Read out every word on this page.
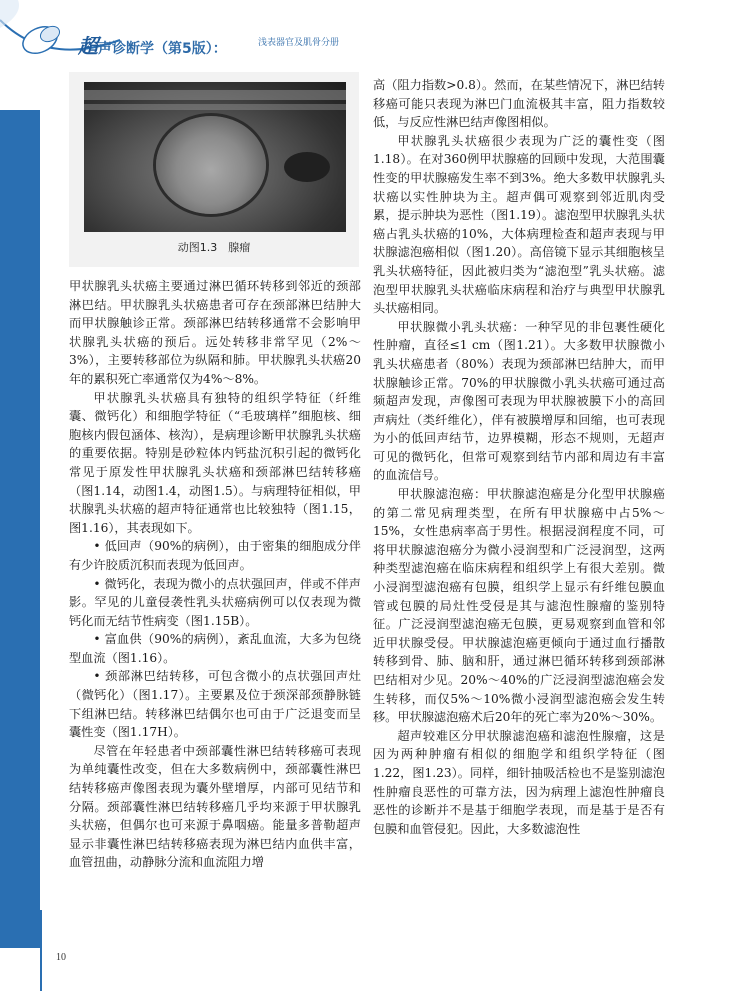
超声诊断学（第5版）：	浅表器官及肌骨分册
10
动图1.3　腺瘤

甲状腺乳头状癌主要通过淋巴循环转移到邻近的颈部淋巴结。甲状腺乳头状癌患者可存在颈部淋巴结肿大而甲状腺触诊正常。颈部淋巴结转移通常不会影响甲状腺乳头状癌的预后。远处转移非常罕见（2%～3%），主要转移部位为纵隔和肺。甲状腺乳头状癌20年的累积死亡率通常仅为4%～8%。

甲状腺乳头状癌具有独特的组织学特征（纤维囊、微钙化）和细胞学特征（“毛玻璃样”细胞核、细胞核内假包涵体、核沟），是病理诊断甲状腺乳头状癌的重要依据。特别是砂粒体内钙盐沉积引起的微钙化常见于原发性甲状腺乳头状癌和颈部淋巴结转移癌（图1.14，动图1.4，动图1.5）。与病理特征相似，甲状腺乳头状癌的超声特征通常也比较独特（图1.15，图1.16），其表现如下。

• 低回声（90%的病例），由于密集的细胞成分伴有少许胶质沉积而表现为低回声。

• 微钙化，表现为微小的点状强回声，伴或不伴声影。罕见的儿童侵袭性乳头状癌病例可以仅表现为微钙化而无结节性病变（图1.15B）。

• 富血供（90%的病例），紊乱血流，大多为包绕型血流（图1.16）。

• 颈部淋巴结转移，可包含微小的点状强回声灶（微钙化）（图1.17）。主要累及位于颈深部颈静脉链下组淋巴结。转移淋巴结偶尔也可由于广泛退变而呈囊性变（图1.17H）。

尽管在年轻患者中颈部囊性淋巴结转移癌可表现为单纯囊性改变，但在大多数病例中，颈部囊性淋巴结转移癌声像图表现为囊外壁增厚，内部可见结节和分隔。颈部囊性淋巴结转移癌几乎均来源于甲状腺乳头状癌，但偶尔也可来源于鼻咽癌。能量多普勒超声显示非囊性淋巴结转移癌表现为淋巴结内血供丰富，血管扭曲，动静脉分流和血流阻力增

高（阻力指数>0.8）。然而，在某些情况下，淋巴结转移癌可能只表现为淋巴门血流极其丰富，阻力指数较低，与反应性淋巴结声像图相似。

甲状腺乳头状癌很少表现为广泛的囊性变（图1.18）。在对360例甲状腺癌的回顾中发现，大范围囊性变的甲状腺癌发生率不到3%。绝大多数甲状腺乳头状癌以实性肿块为主。超声偶可观察到邻近肌肉受累，提示肿块为恶性（图1.19）。滤泡型甲状腺乳头状癌占乳头状癌的10%，大体病理检查和超声表现与甲状腺滤泡癌相似（图1.20）。高倍镜下显示其细胞核呈乳头状癌特征，因此被归类为“滤泡型”乳头状癌。滤泡型甲状腺乳头状癌临床病程和治疗与典型甲状腺乳头状癌相同。

甲状腺微小乳头状癌：一种罕见的非包裹性硬化性肿瘤，直径≤1 cm（图1.21）。大多数甲状腺微小乳头状癌患者（80%）表现为颈部淋巴结肿大，而甲状腺触诊正常。70%的甲状腺微小乳头状癌可通过高频超声发现，声像图可表现为甲状腺被膜下小的高回声病灶（类纤维化），伴有被膜增厚和回缩，也可表现为小的低回声结节，边界模糊，形态不规则，无超声可见的微钙化，但常可观察到结节内部和周边有丰富的血流信号。

甲状腺滤泡癌：甲状腺滤泡癌是分化型甲状腺癌的第二常见病理类型，在所有甲状腺癌中占5%～15%，女性患病率高于男性。根据浸润程度不同，可将甲状腺滤泡癌分为微小浸润型和广泛浸润型，这两种类型滤泡癌在临床病程和组织学上有很大差别。微小浸润型滤泡癌有包膜，组织学上显示有纤维包膜血管或包膜的局灶性受侵是其与滤泡性腺瘤的鉴别特征。广泛浸润型滤泡癌无包膜，更易观察到血管和邻近甲状腺受侵。甲状腺滤泡癌更倾向于通过血行播散转移到骨、肺、脑和肝，通过淋巴循环转移到颈部淋巴结相对少见。20%～40%的广泛浸润型滤泡癌会发生转移，而仅5%～10%微小浸润型滤泡癌会发生转移。甲状腺滤泡癌术后20年的死亡率为20%～30%。

超声较难区分甲状腺滤泡癌和滤泡性腺瘤，这是因为两种肿瘤有相似的细胞学和组织学特征（图1.22，图1.23）。同样，细针抽吸活检也不是鉴别滤泡性肿瘤良恶性的可靠方法，因为病理上滤泡性肿瘤良恶性的诊断并不是基于细胞学表现，而是基于是否有包膜和血管侵犯。因此，大多数滤泡性
